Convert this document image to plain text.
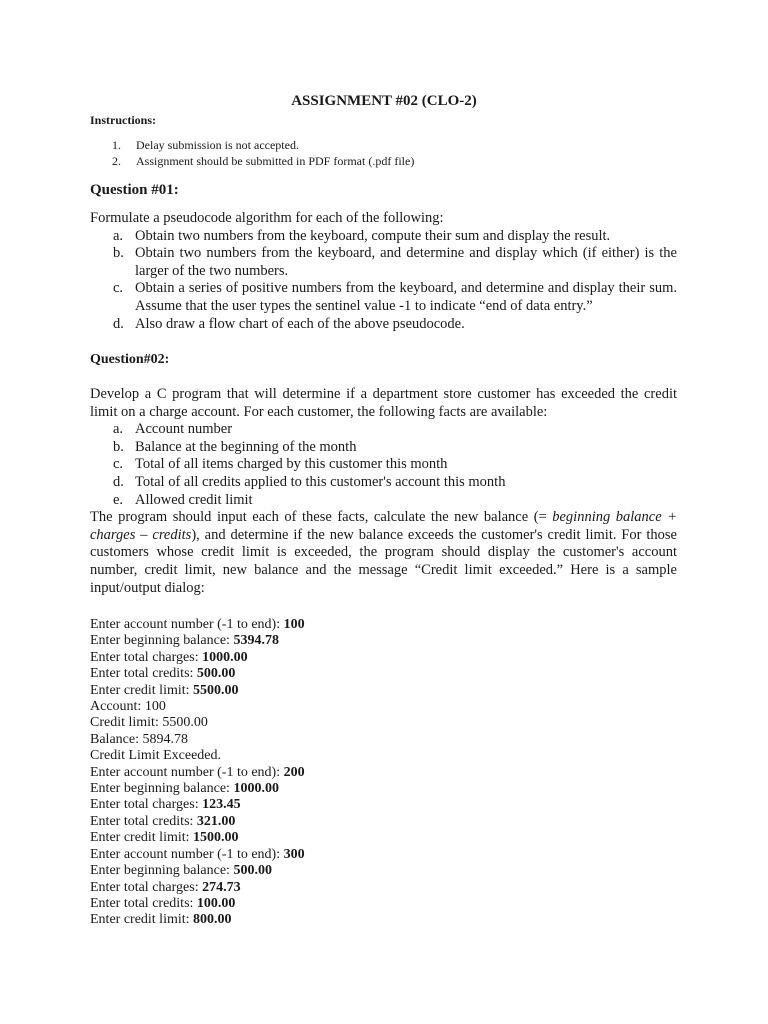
ASSIGNMENT #02 (CLO-2)
Instructions:
1.	Delay submission is not accepted.
2.	Assignment should be submitted in PDF format (.pdf file)
Question #01:
Formulate a pseudocode algorithm for each of the following:
a. Obtain two numbers from the keyboard, compute their sum and display the result.
b. Obtain two numbers from the keyboard, and determine and display which (if either) is the larger of the two numbers.
c. Obtain a series of positive numbers from the keyboard, and determine and display their sum. Assume that the user types the sentinel value -1 to indicate “end of data entry.”
d. Also draw a flow chart of each of the above pseudocode.
Question#02:
Develop a C program that will determine if a department store customer has exceeded the credit limit on a charge account. For each customer, the following facts are available:
a. Account number
b. Balance at the beginning of the month
c. Total of all items charged by this customer this month
d. Total of all credits applied to this customer's account this month
e. Allowed credit limit
The program should input each of these facts, calculate the new balance (= beginning balance + charges – credits), and determine if the new balance exceeds the customer's credit limit. For those customers whose credit limit is exceeded, the program should display the customer's account number, credit limit, new balance and the message “Credit limit exceeded.” Here is a sample input/output dialog:
Enter account number (-1 to end): 100
Enter beginning balance: 5394.78
Enter total charges: 1000.00
Enter total credits: 500.00
Enter credit limit: 5500.00
Account: 100
Credit limit: 5500.00
Balance: 5894.78
Credit Limit Exceeded.
Enter account number (-1 to end): 200
Enter beginning balance: 1000.00
Enter total charges: 123.45
Enter total credits: 321.00
Enter credit limit: 1500.00
Enter account number (-1 to end): 300
Enter beginning balance: 500.00
Enter total charges: 274.73
Enter total credits: 100.00
Enter credit limit: 800.00
